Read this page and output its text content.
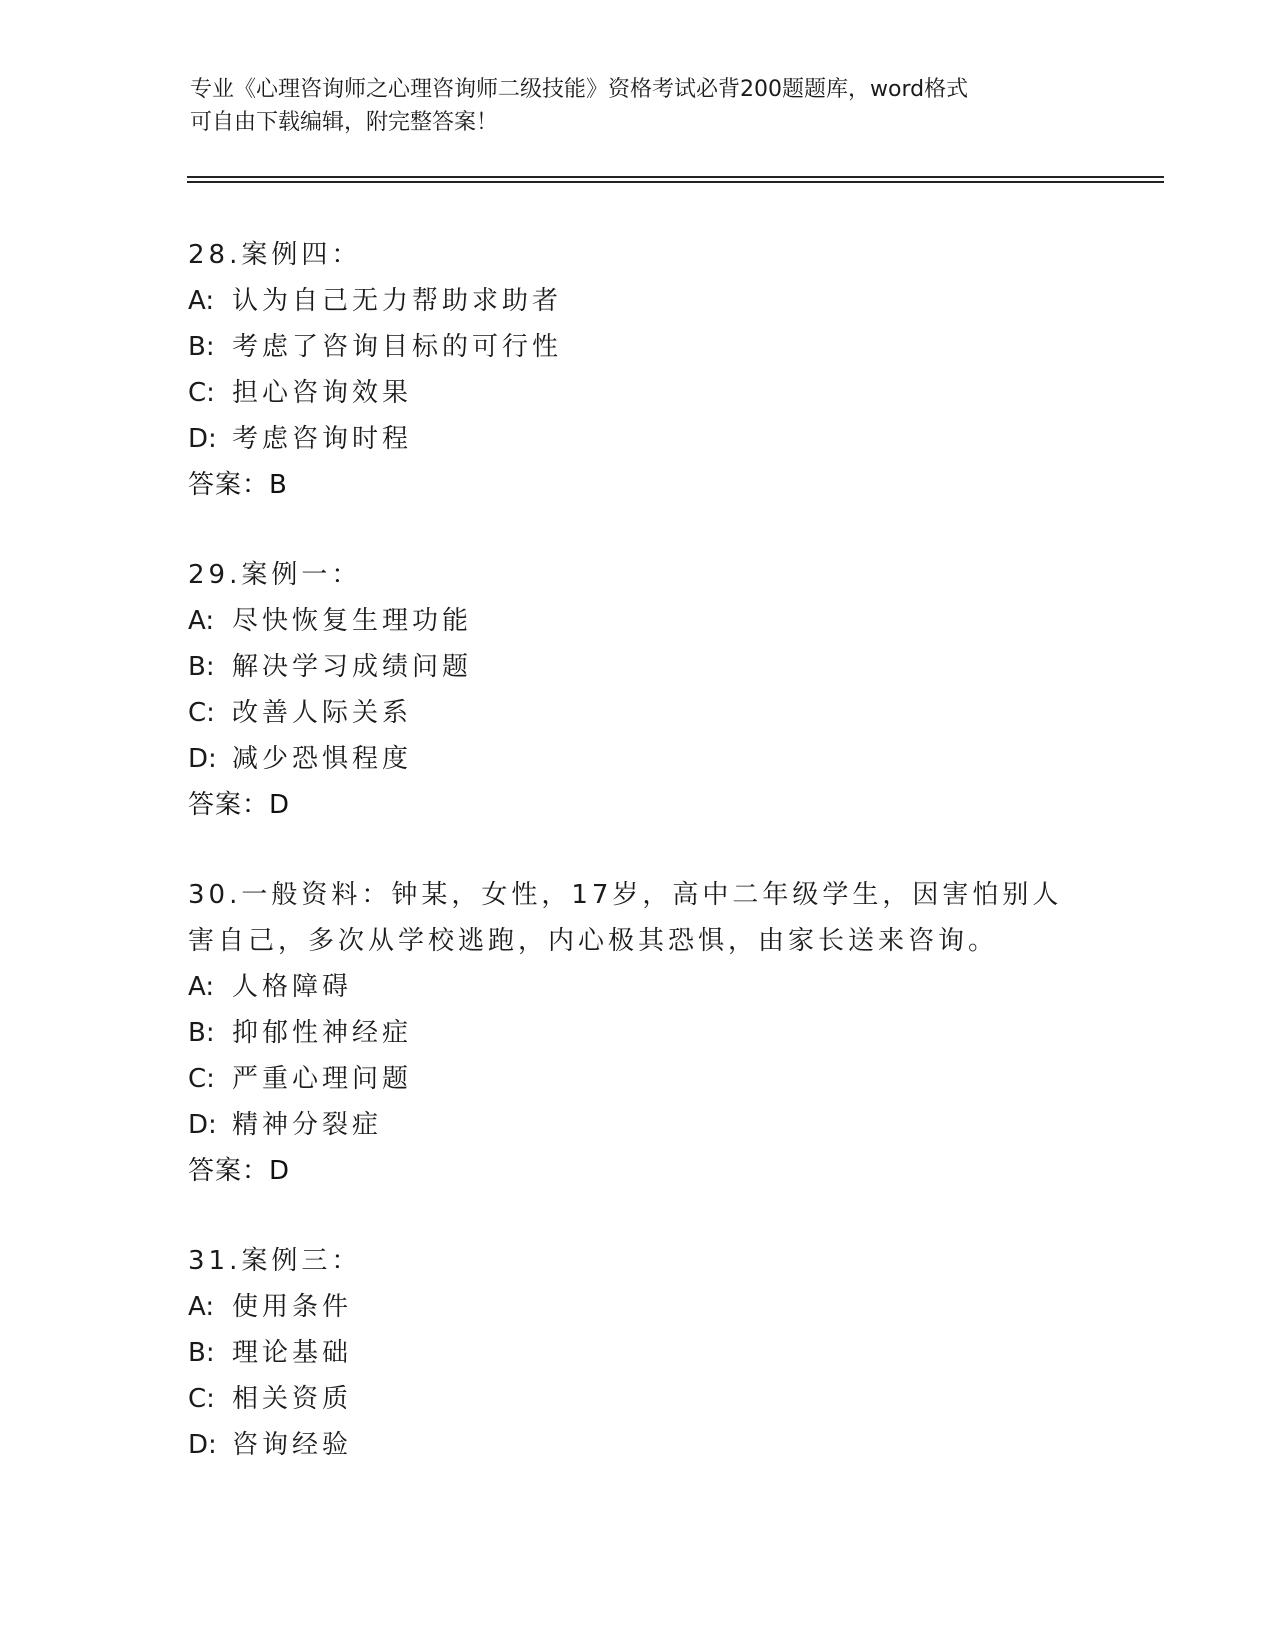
专业《心理咨询师之心理咨询师二级技能》资格考试必背200题题库，word格式
可自由下载编辑，附完整答案！
28.案例四：
A: 认为自己无力帮助求助者
B: 考虑了咨询目标的可行性
C: 担心咨询效果
D: 考虑咨询时程
答案：B
29.案例一：
A: 尽快恢复生理功能
B: 解决学习成绩问题
C: 改善人际关系
D: 减少恐惧程度
答案：D
30.一般资料：钟某，女性，17岁，高中二年级学生，因害怕别人害自己，多次从学校逃跑，内心极其恐惧，由家长送来咨询。
A: 人格障碍
B: 抑郁性神经症
C: 严重心理问题
D: 精神分裂症
答案：D
31.案例三：
A: 使用条件
B: 理论基础
C: 相关资质
D: 咨询经验
